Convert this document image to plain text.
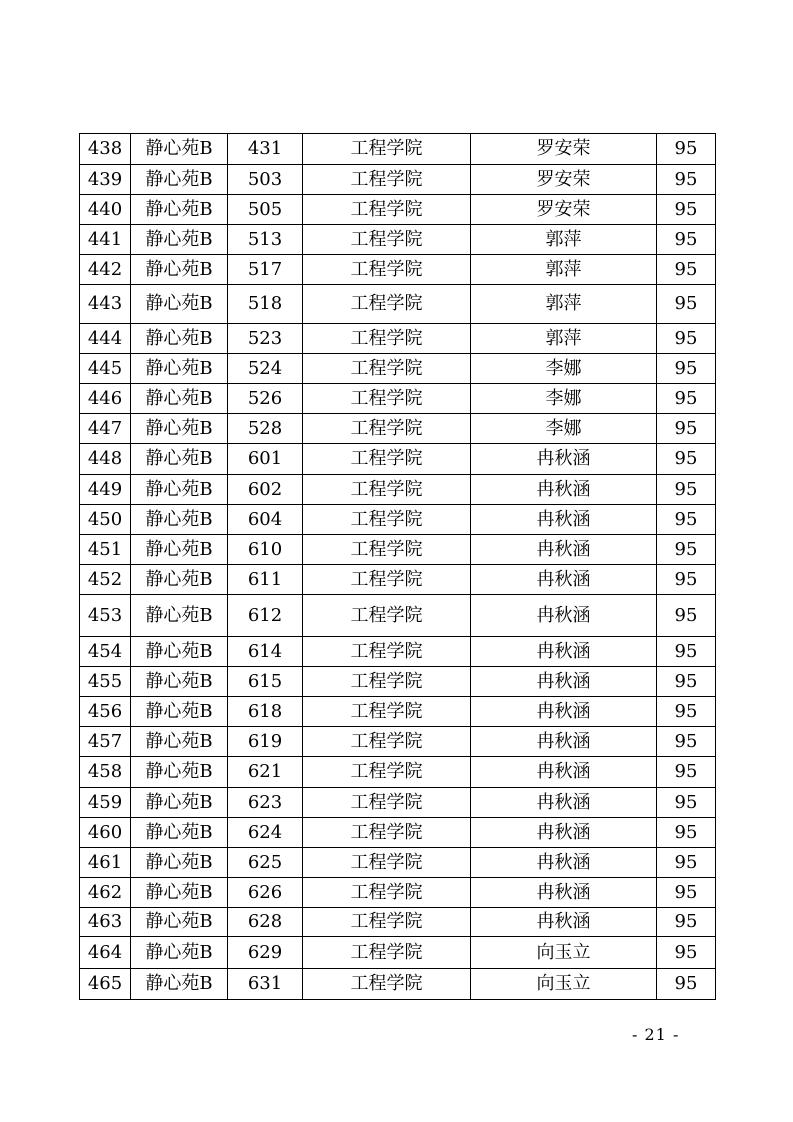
438	静心苑B	431	工程学院	罗安荣	95
439	静心苑B	503	工程学院	罗安荣	95
440	静心苑B	505	工程学院	罗安荣	95
441	静心苑B	513	工程学院	郭萍	95
442	静心苑B	517	工程学院	郭萍	95
443	静心苑B	518	工程学院	郭萍	95
444	静心苑B	523	工程学院	郭萍	95
445	静心苑B	524	工程学院	李娜	95
446	静心苑B	526	工程学院	李娜	95
447	静心苑B	528	工程学院	李娜	95
448	静心苑B	601	工程学院	冉秋涵	95
449	静心苑B	602	工程学院	冉秋涵	95
450	静心苑B	604	工程学院	冉秋涵	95
451	静心苑B	610	工程学院	冉秋涵	95
452	静心苑B	611	工程学院	冉秋涵	95
453	静心苑B	612	工程学院	冉秋涵	95
454	静心苑B	614	工程学院	冉秋涵	95
455	静心苑B	615	工程学院	冉秋涵	95
456	静心苑B	618	工程学院	冉秋涵	95
457	静心苑B	619	工程学院	冉秋涵	95
458	静心苑B	621	工程学院	冉秋涵	95
459	静心苑B	623	工程学院	冉秋涵	95
460	静心苑B	624	工程学院	冉秋涵	95
461	静心苑B	625	工程学院	冉秋涵	95
462	静心苑B	626	工程学院	冉秋涵	95
463	静心苑B	628	工程学院	冉秋涵	95
464	静心苑B	629	工程学院	向玉立	95
465	静心苑B	631	工程学院	向玉立	95
- 21 -
